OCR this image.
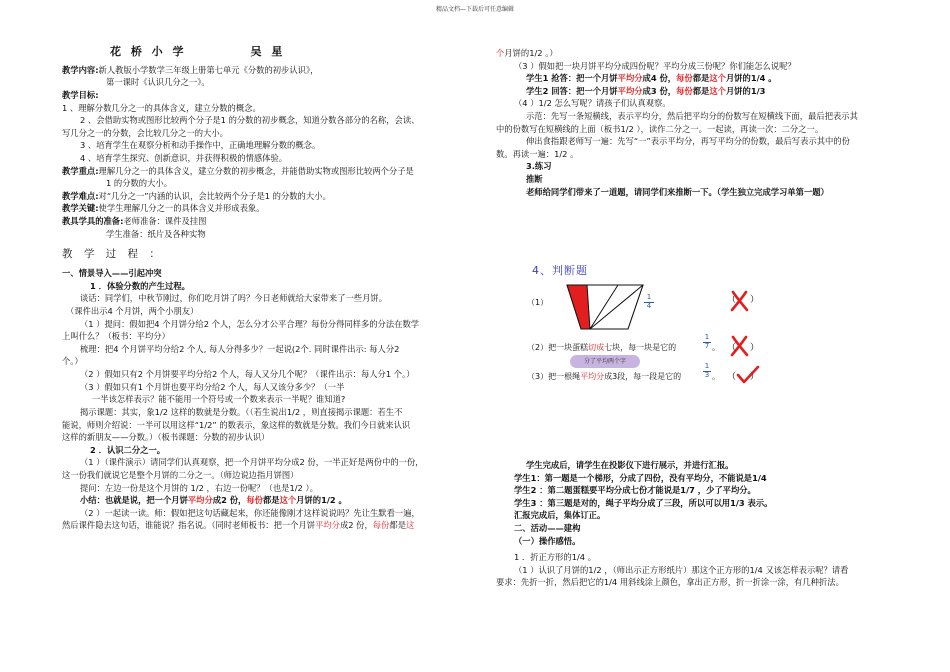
精品文档—下载后可任意编辑
花 桥 小 学	吴 星
教学内容:新人教版小学数学三年级上册第七单元《分数的初步认识》，
第一课时《认识几分之一》。
教学目标:
1 、理解分数几分之一的具体含义，建立分数的概念。
2 、会借助实物或图形比较两个分子是1 的分数的初步概念，知道分数各部分的名称，会读、
写几分之一的分数，会比较几分之一的大小。
3 、培育学生在观察分析和动手操作中，正确地理解分数的概念。
4 、培育学生探究、创新意识，并获得积极的情感体验。
教学重点:理解几分之一的具体含义，建立分数的初步概念，并能借助实物或图形比较两个分子是
1 的分数的大小。
教学难点:对“几分之一”内涵的认识，会比较两个分子是1 的分数的大小。
教学关键:使学生理解几分之一的具体含义并形成表象。
教具学具的准备:老师准备：课件及挂图
学生准备：纸片及各种实物
教 学 过 程 ：
一、情景导入——引起冲突
1 ．体验分数的产生过程。
谈话：同学们，中秋节刚过，你们吃月饼了吗？今日老师就给大家带来了一些月饼。
（课件出示4 个月饼，两个小朋友）
（1 ）提问：假如把4 个月饼分给2 个人，怎么分才公平合理？每份分得同样多的分法在数学
上叫什么？（板书：平均分）
梳理：把4 个月饼平均分给2 个人, 每人分得多少？一起说(2个. 同时课件出示: 每人分2
个。）
（2 ）假如只有2 个月饼要平均分给2 个人，每人又分几个呢？（课件出示：每人分1 个。）
（3 ）假如只有1 个月饼也要平均分给2 个人，每人又该分多少？（一半
一半该怎样表示？能不能用一个符号或一个数来表示一半呢？谁知道?
揭示课题：其实，象1/2 这样的数就是分数。（（若生说出1/2 ，则直接揭示课题：若生不
能说，师则介绍说：一半可以用这样“1/2” 的数表示，象这样的数就是分数。我们今日就来认识
这样的新朋友——分数。）（板书课题：分数的初步认识）
2 ．认识二分之一。
（1 ）（课件演示）请同学们认真观察，把一个月饼平均分成2 份，一半正好是两份中的一份，
这一份我们就说它是整个月饼的二分之一。（师边说边指月饼图）
提问：左边一份是这个月饼的 1/2 ，右边一份呢？（也是1/2 ）。
小结：也就是说，把一个月饼平均分成2 份，每份都是这个月饼的1/2 。
（2 ）一起读一读。师：假如把这句话藏起来，你还能像刚才这样说说吗？先让生默看一遍，
然后课件隐去这句话，谁能说？指名说。（同时老师板书：把一个月饼平均分成2 份，每份都是这
个月饼的1/2 。）
（3 ）假如把一块月饼平均分成四份呢？平均分成三份呢？你们能怎么说呢？
学生1 抢答：把一个月饼平均分成4 份，每份都是这个月饼的1/4 。
学生2 回答：把一个月饼平均分成3 份，每份都是这个月饼的1/3
（4 ）1/2 怎么写呢？请孩子们认真观察。
示范：先写一条短横线，表示平均分，然后把平均分的份数写在短横线下面，最后把表示其
中的份数写在短横线的上面（板书1/2 ），读作二分之一。一起读，再读一次：二分之一。
伸出食指跟老师写一遍：先写“一”表示平均分，再写平均分的份数，最后写表示其中的份
数。再读一遍：1/2 。
3.练习
推断
老师给同学们带来了一道题，请同学们来推断一下。（学生独立完成学习单第一题）
4、判断题
（1）
1
4
（ ）
（2）把一块蛋糕切成七块，每一块是它的
1
7 。 （ ）
分了平均两个字
（3）把一根绳平均分成3段，每一段是它的
1
3 。 （ ）
学生完成后，请学生在投影仪下进行展示，并进行汇报。
学生1：第一题是一个梯形，分成了四份，没有平均分，不能说是1/4
学生2 ：第二题蛋糕要平均分成七份才能说是1/7 ，少了平均分。
学生3 ：第三题是对的，绳子平均分成了三段，所以可以用1/3 表示。
汇报完成后，集体订正。
二、活动——建构
（一）操作感悟。
1 ．折正方形的1/4 。
（1 ）认识了月饼的1/2 ，（师出示正方形纸片）那这个正方形的1/4 又该怎样表示呢？请看
要求：先折一折，然后把它的1/4 用斜线涂上颜色，拿出正方形，折一折涂一涂，有几种折法。
